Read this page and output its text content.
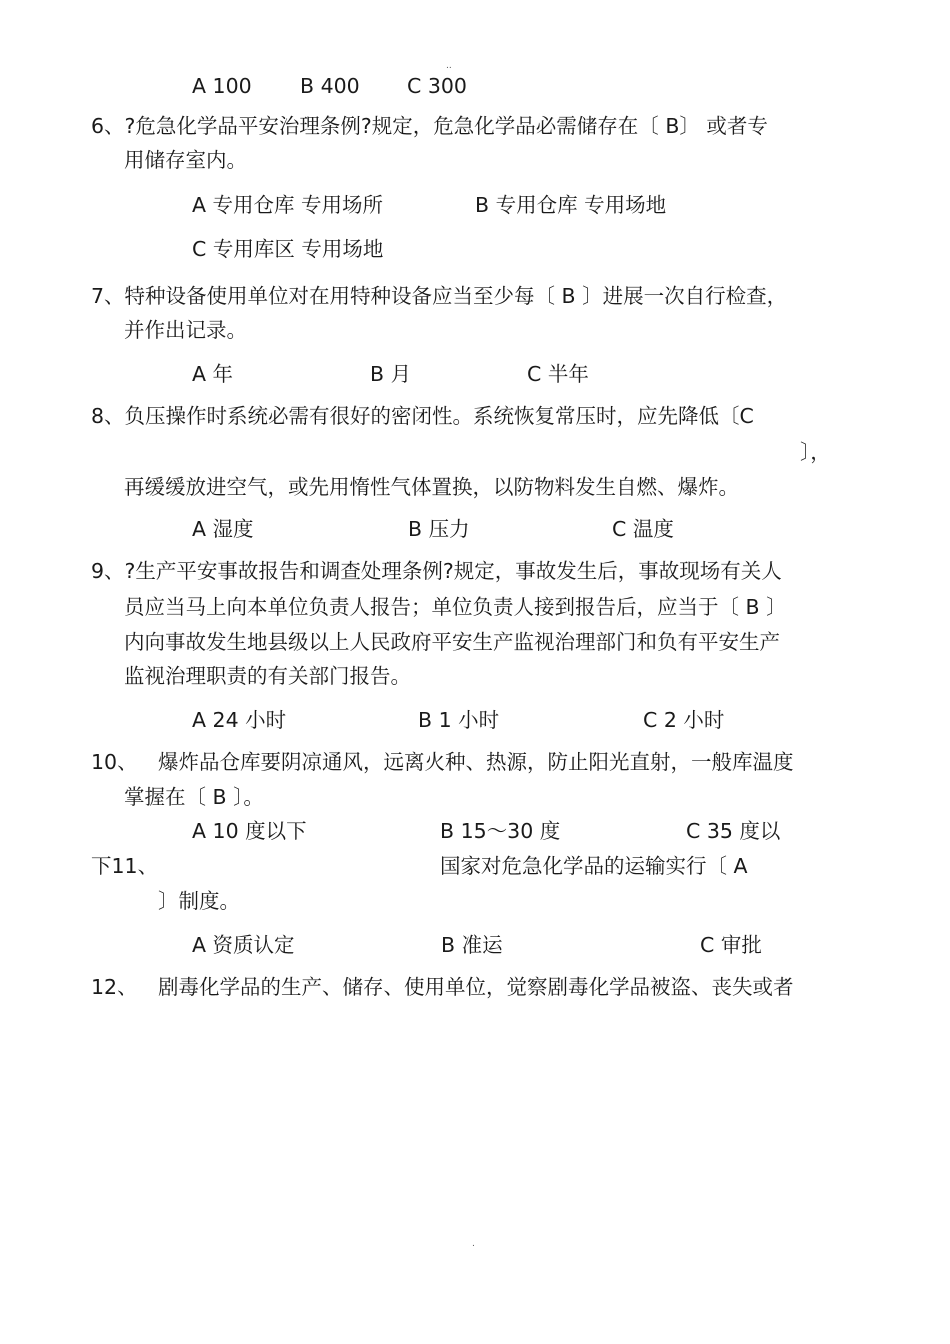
..
A 100 B 400 C 300
6、?危急化学品平安治理条例?规定，危急化学品必需储存在〔 B〕 或者专
用储存室内。
A 专用仓库 专用场所	B 专用仓库 专用场地
C 专用库区 专用场地
7、特种设备使用单位对在用特种设备应当至少每〔 B 〕进展一次自行检查，
并作出记录。
A 年	B 月	C 半年
8、负压操作时系统必需有很好的密闭性。系统恢复常压时，应先降低〔C
〕，
再缓缓放进空气，或先用惰性气体置换，以防物料发生自燃、爆炸。
A 湿度	B 压力	C 温度
9、?生产平安事故报告和调查处理条例?规定，事故发生后，事故现场有关人
员应当马上向本单位负责人报告；单位负责人接到报告后，应当于〔 B 〕
内向事故发生地县级以上人民政府平安生产监视治理部门和负有平安生产
监视治理职责的有关部门报告。
A 24 小时	B 1 小时	C 2 小时
10、 爆炸品仓库要阴凉通风，远离火种、热源，防止阳光直射，一般库温度
掌握在〔 B 〕。
A 10 度以下	B 15～30 度	C 35 度以
下11、	国家对危急化学品的运输实行〔 A
〕制度。
A 资质认定	B 准运	C 审批
12、 剧毒化学品的生产、储存、使用单位，觉察剧毒化学品被盗、丧失或者
.
